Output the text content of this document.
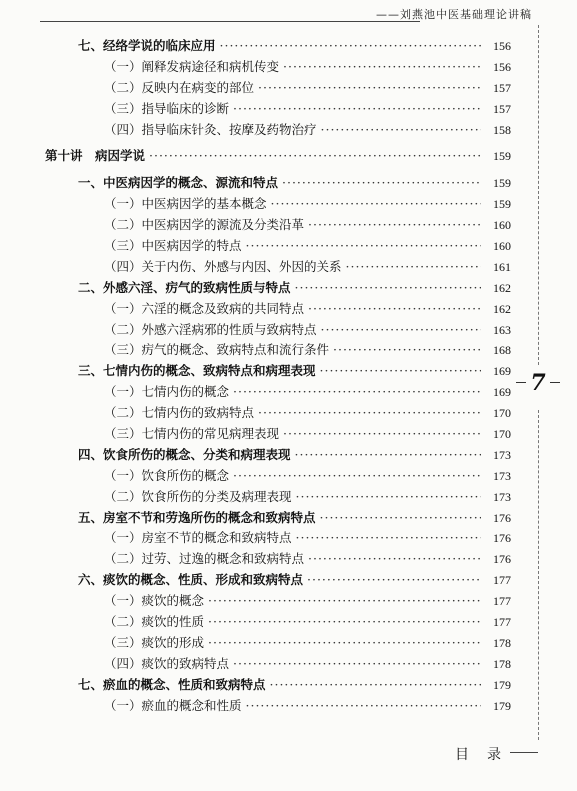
——刘燕池中医基础理论讲稿
7
七、经络学说的临床应用 ·····	156
（一）阐释发病途径和病机传变 ·····	156
（二）反映内在病变的部位 ·····	157
（三）指导临床的诊断 ·····	157
（四）指导临床针灸、按摩及药物治疗 ·····	158
第十讲　病因学说 ·····	159
一、中医病因学的概念、源流和特点 ·····	159
（一）中医病因学的基本概念 ·····	159
（二）中医病因学的源流及分类沿革 ·····	160
（三）中医病因学的特点 ·····	160
（四）关于内伤、外感与内因、外因的关系 ·····	161
二、外感六淫、疠气的致病性质与特点 ·····	162
（一）六淫的概念及致病的共同特点 ·····	162
（二）外感六淫病邪的性质与致病特点 ·····	163
（三）疠气的概念、致病特点和流行条件 ·····	168
三、七情内伤的概念、致病特点和病理表现 ·····	169
（一）七情内伤的概念 ·····	169
（二）七情内伤的致病特点 ·····	170
（三）七情内伤的常见病理表现 ·····	170
四、饮食所伤的概念、分类和病理表现 ·····	173
（一）饮食所伤的概念 ·····	173
（二）饮食所伤的分类及病理表现 ·····	173
五、房室不节和劳逸所伤的概念和致病特点 ·····	176
（一）房室不节的概念和致病特点 ·····	176
（二）过劳、过逸的概念和致病特点 ·····	176
六、痰饮的概念、性质、形成和致病特点 ·····	177
（一）痰饮的概念 ·····	177
（二）痰饮的性质 ·····	177
（三）痰饮的形成 ·····	178
（四）痰饮的致病特点 ·····	178
七、瘀血的概念、性质和致病特点 ·····	179
（一）瘀血的概念和性质 ·····	179
目录
